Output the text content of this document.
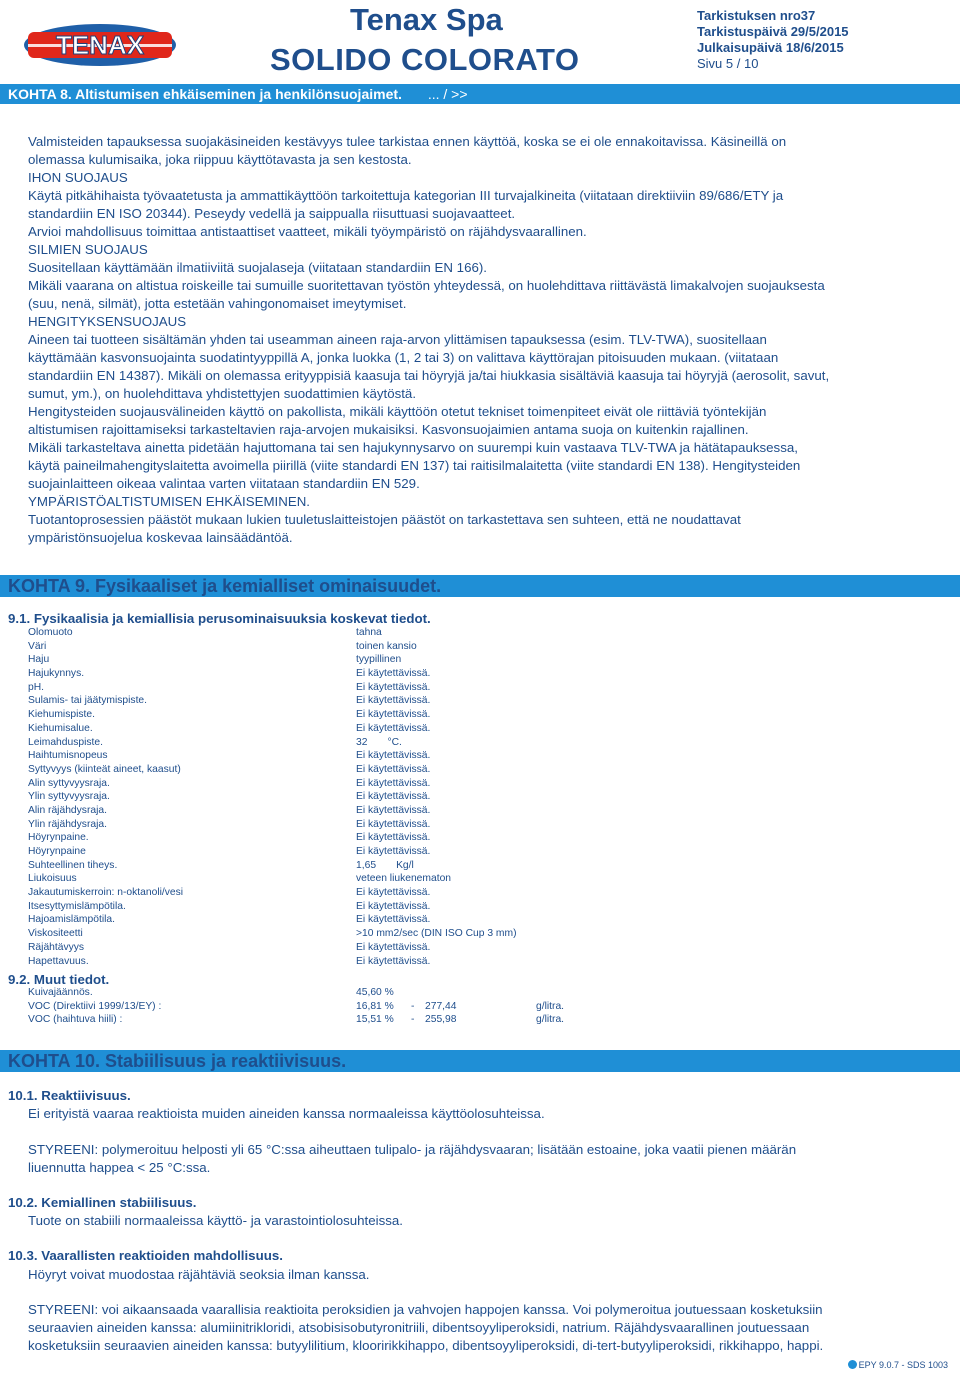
TENAX
Tenax Spa
SOLIDO COLORATO
Tarkistuksen nro37
Tarkistuspäivä 29/5/2015
Julkaisupäivä 18/6/2015
Sivu 5 / 10
KOHTA 8. Altistumisen ehkäiseminen ja henkilönsuojaimet. ... / >>
Valmisteiden tapauksessa suojakäsineiden kestävyys tulee tarkistaa ennen käyttöä, koska se ei ole ennakoitavissa. Käsineillä on
olemassa kulumisaika, joka riippuu käyttötavasta ja sen kestosta.
IHON SUOJAUS
Käytä pitkähihaista työvaatetusta ja ammattikäyttöön tarkoitettuja kategorian III turvajalkineita (viitataan direktiiviin 89/686/ETY ja
standardiin EN ISO 20344). Peseydy vedellä ja saippualla riisuttuasi suojavaatteet.
Arvioi mahdollisuus toimittaa antistaattiset vaatteet, mikäli työympäristö on räjähdysvaarallinen.
SILMIEN SUOJAUS
Suositellaan käyttämään ilmatiiviitä suojalaseja (viitataan standardiin EN 166).
Mikäli vaarana on altistua roiskeille tai sumuille suoritettavan työstön yhteydessä, on huolehdittava riittävästä limakalvojen suojauksesta
(suu, nenä, silmät), jotta estetään vahingonomaiset imeytymiset.
HENGITYKSENSUOJAUS
Aineen tai tuotteen sisältämän yhden tai useamman aineen raja-arvon ylittämisen tapauksessa (esim. TLV-TWA), suositellaan
käyttämään kasvonsuojainta suodatintyyppillä A, jonka luokka (1, 2 tai 3) on valittava käyttörajan pitoisuuden mukaan. (viitataan
standardiin EN 14387). Mikäli on olemassa erityyppisiä kaasuja tai höyryjä ja/tai hiukkasia sisältäviä kaasuja tai höyryjä (aerosolit, savut,
sumut, ym.), on huolehdittava yhdistettyjen suodattimien käytöstä.
Hengitysteiden suojausvälineiden käyttö on pakollista, mikäli käyttöön otetut tekniset toimenpiteet eivät ole riittäviä työntekijän
altistumisen rajoittamiseksi tarkasteltavien raja-arvojen mukaisiksi. Kasvonsuojaimien antama suoja on kuitenkin rajallinen.
Mikäli tarkasteltava ainetta pidetään hajuttomana tai sen hajukynnysarvo on suurempi kuin vastaava TLV-TWA ja hätätapauksessa,
käytä paineilmahengityslaitetta avoimella piirillä (viite standardi EN 137) tai raitisilmalaitetta (viite standardi EN 138). Hengitysteiden
suojainlaitteen oikeaa valintaa varten viitataan standardiin EN 529.
YMPÄRISTÖALTISTUMISEN EHKÄISEMINEN.
Tuotantoprosessien päästöt mukaan lukien tuuletuslaitteistojen päästöt on tarkastettava sen suhteen, että ne noudattavat
ympäristönsuojelua koskevaa lainsäädäntöä.
KOHTA 9. Fysikaaliset ja kemialliset ominaisuudet.
9.1. Fysikaalisia ja kemiallisia perusominaisuuksia koskevat tiedot.
Olomuoto	tahna
Väri	toinen kansio
Haju	tyypillinen
Hajukynnys.	Ei käytettävissä.
pH.	Ei käytettävissä.
Sulamis- tai jäätymispiste.	Ei käytettävissä.
Kiehumispiste.	Ei käytettävissä.
Kiehumisalue.	Ei käytettävissä.
Leimahduspiste.	32       °C.
Haihtumisnopeus	Ei käytettävissä.
Syttyvyys (kiinteät aineet, kaasut)	Ei käytettävissä.
Alin syttyvyysraja.	Ei käytettävissä.
Ylin syttyvyysraja.	Ei käytettävissä.
Alin räjähdysraja.	Ei käytettävissä.
Ylin räjähdysraja.	Ei käytettävissä.
Höyrynpaine.	Ei käytettävissä.
Höyrynpaine	Ei käytettävissä.
Suhteellinen tiheys.	1,65       Kg/l
Liukoisuus	veteen liukenematon
Jakautumiskerroin: n-oktanoli/vesi	Ei käytettävissä.
Itsesyttymislämpötila.	Ei käytettävissä.
Hajoamislämpötila.	Ei käytettävissä.
Viskositeetti	>10 mm2/sec (DIN ISO Cup 3 mm)
Räjähtävyys	Ei käytettävissä.
Hapettavuus.	Ei käytettävissä.
9.2. Muut tiedot.
Kuivajäännös.	45,60 %
VOC (Direktiivi 1999/13/EY) :	16,81 % - 277,44	g/litra.
VOC (haihtuva hiili) :	15,51 % - 255,98	g/litra.
KOHTA 10. Stabiilisuus ja reaktiivisuus.
10.1. Reaktiivisuus.
Ei erityistä vaaraa reaktioista muiden aineiden kanssa normaaleissa käyttöolosuhteissa.
STYREENI: polymeroituu helposti yli 65 °C:ssa aiheuttaen tulipalo- ja räjähdysvaaran; lisätään estoaine, joka vaatii pienen määrän
liuennutta happea < 25 °C:ssa.
10.2. Kemiallinen stabiilisuus.
Tuote on stabiili normaaleissa käyttö- ja varastointiolosuhteissa.
10.3. Vaarallisten reaktioiden mahdollisuus.
Höyryt voivat muodostaa räjähtäviä seoksia ilman kanssa.
STYREENI: voi aikaansaada vaarallisia reaktioita peroksidien ja vahvojen happojen kanssa. Voi polymeroitua joutuessaan kosketuksiin
seuraavien aineiden kanssa: alumiinitrikloridi, atsobisisobutyronitriili, dibentsoyyliperoksidi, natrium. Räjähdysvaarallinen joutuessaan
kosketuksiin seuraavien aineiden kanssa: butyylilitium, klooririkkihappo, dibentsoyyliperoksidi, di-tert-butyyliperoksidi, rikkihappo, happi.
EPY 9.0.7 - SDS 1003
